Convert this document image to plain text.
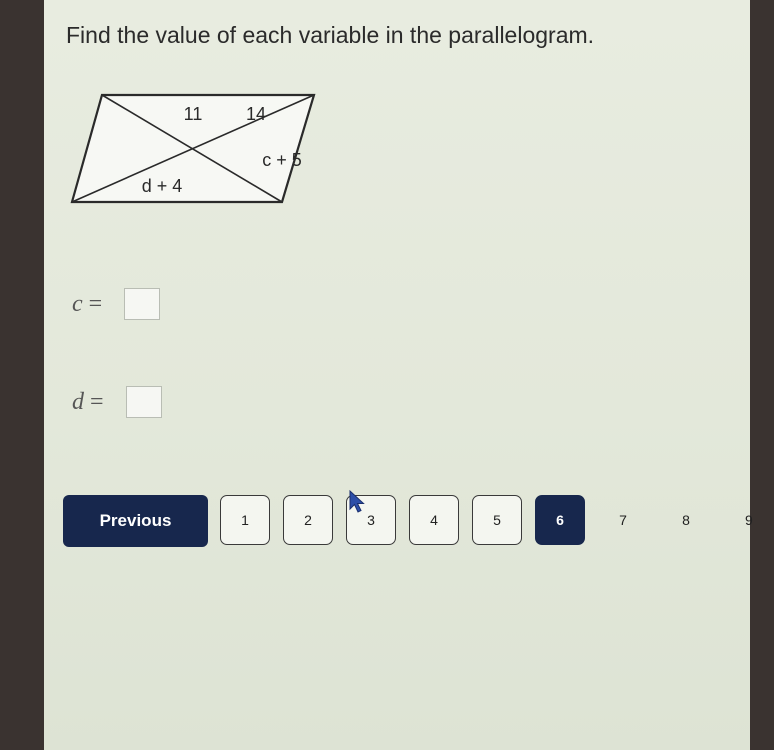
Find the value of each variable in the parallelogram.
11 14
c + 5
d + 4
c =
d =
Previous	1	2	3	4	5	6	7	8	9
